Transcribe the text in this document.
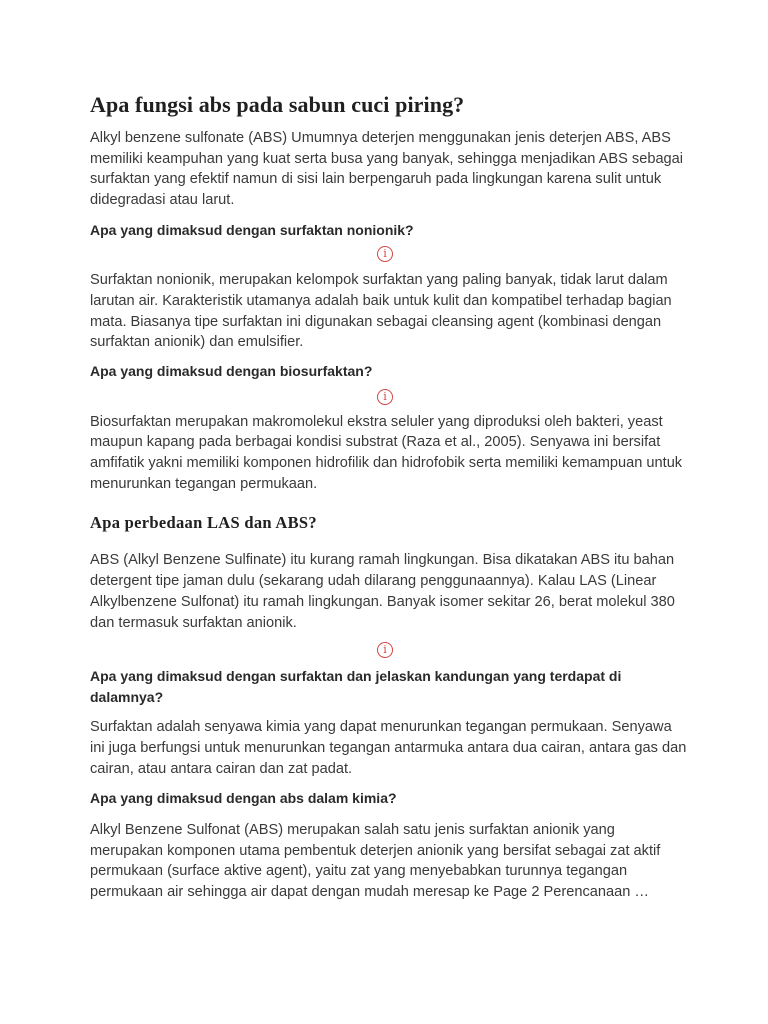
Apa fungsi abs pada sabun cuci piring?

Alkyl benzene sulfonate (ABS) Umumnya deterjen menggunakan jenis deterjen ABS, ABS memiliki keampuhan yang kuat serta busa yang banyak, sehingga menjadikan ABS sebagai surfaktan yang efektif namun di sisi lain berpengaruh pada lingkungan karena sulit untuk didegradasi atau larut.

Apa yang dimaksud dengan surfaktan nonionik?

i

Surfaktan nonionik, merupakan kelompok surfaktan yang paling banyak, tidak larut dalam larutan air. Karakteristik utamanya adalah baik untuk kulit dan kompatibel terhadap bagian mata. Biasanya tipe surfaktan ini digunakan sebagai cleansing agent (kombinasi dengan surfaktan anionik) dan emulsifier.

Apa yang dimaksud dengan biosurfaktan?

i

Biosurfaktan merupakan makromolekul ekstra seluler yang diproduksi oleh bakteri, yeast maupun kapang pada berbagai kondisi substrat (Raza et al., 2005). Senyawa ini bersifat amfifatik yakni memiliki komponen hidrofilik dan hidrofobik serta memiliki kemampuan untuk menurunkan tegangan permukaan.

Apa perbedaan LAS dan ABS?

ABS (Alkyl Benzene Sulfinate) itu kurang ramah lingkungan. Bisa dikatakan ABS itu bahan detergent tipe jaman dulu (sekarang udah dilarang penggunaannya). Kalau LAS (Linear Alkylbenzene Sulfonat) itu ramah lingkungan. Banyak isomer sekitar 26, berat molekul 380 dan termasuk surfaktan anionik.

i

Apa yang dimaksud dengan surfaktan dan jelaskan kandungan yang terdapat di dalamnya?

Surfaktan adalah senyawa kimia yang dapat menurunkan tegangan permukaan. Senyawa ini juga berfungsi untuk menurunkan tegangan antarmuka antara dua cairan, antara gas dan cairan, atau antara cairan dan zat padat.

Apa yang dimaksud dengan abs dalam kimia?

Alkyl Benzene Sulfonat (ABS) merupakan salah satu jenis surfaktan anionik yang merupakan komponen utama pembentuk deterjen anionik yang bersifat sebagai zat aktif permukaan (surface aktive agent), yaitu zat yang menyebabkan turunnya tegangan permukaan air sehingga air dapat dengan mudah meresap ke Page 2 Perencanaan …
